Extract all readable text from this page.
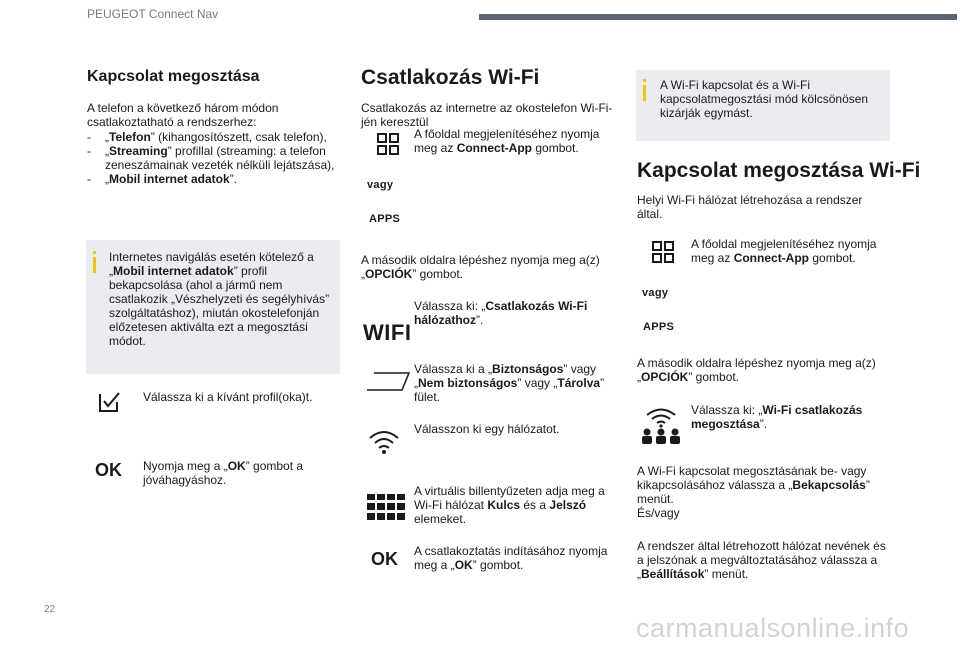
PEUGEOT Connect Nav
Kapcsolat megosztása
A telefon a következő három módon csatlakoztatható a rendszerhez:
-	„Telefon” (kihangosítószett, csak telefon),
-	„Streaming” profillal (streaming: a telefon zeneszámainak vezeték nélküli lejátszása),
-	„Mobil internet adatok”.
Internetes navigálás esetén kötelező a „Mobil internet adatok” profil bekapcsolása (ahol a jármű nem csatlakozik „Vészhelyzeti és segélyhívás” szolgáltatáshoz), miután okostelefonján előzetesen aktiválta ezt a megosztási módot.
Válassza ki a kívánt profil(oka)t.
OK Nyomja meg a „OK” gombot a jóváhagyáshoz.
Csatlakozás Wi-Fi
Csatlakozás az internetre az okostelefon Wi-Fi-jén keresztül
A főoldal megjelenítéséhez nyomja meg az Connect-App gombot.
vagy
APPS
A második oldalra lépéshez nyomja meg a(z) „OPCIÓK” gombot.
WIFI
Válassza ki: „Csatlakozás Wi-Fi hálózathoz”.
Válassza ki a „Biztonságos” vagy „Nem biztonságos” vagy „Tárolva” fület.
Válasszon ki egy hálózatot.
A virtuális billentyűzeten adja meg a Wi-Fi hálózat Kulcs és a Jelszó elemeket.
OK A csatlakoztatás indításához nyomja meg a „OK” gombot.
A Wi-Fi kapcsolat és a Wi-Fi kapcsolatmegosztási mód kölcsönösen kizárják egymást.
Kapcsolat megosztása Wi-Fi
Helyi Wi-Fi hálózat létrehozása a rendszer által.
A főoldal megjelenítéséhez nyomja meg az Connect-App gombot.
vagy
APPS
A második oldalra lépéshez nyomja meg a(z) „OPCIÓK” gombot.
Válassza ki: „Wi-Fi csatlakozás megosztása”.
A Wi-Fi kapcsolat megosztásának be- vagy kikapcsolásához válassza a „Bekapcsolás” menüt.
És/vagy
A rendszer által létrehozott hálózat nevének és a jelszónak a megváltoztatásához válassza a „Beállítások” menüt.
22
carmanualsonline.info
